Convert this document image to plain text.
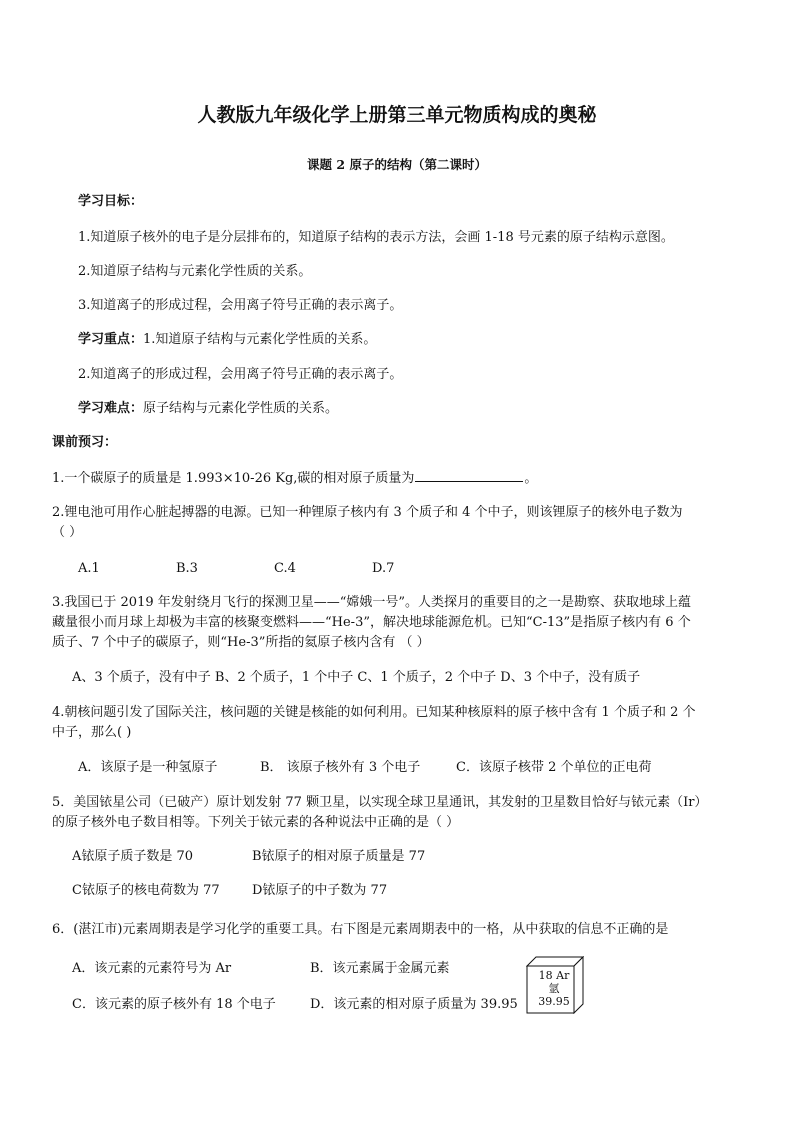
人教版九年级化学上册第三单元物质构成的奥秘
课题 2 原子的结构（第二课时）
学习目标：
1.知道原子核外的电子是分层排布的，知道原子结构的表示方法，会画 1-18 号元素的原子结构示意图。
2.知道原子结构与元素化学性质的关系。
3.知道离子的形成过程，会用离子符号正确的表示离子。
学习重点：1.知道原子结构与元素化学性质的关系。
2.知道离子的形成过程，会用离子符号正确的表示离子。
学习难点：原子结构与元素化学性质的关系。
课前预习：
1.一个碳原子的质量是 1.993×10-26 Kg,碳的相对原子质量为	。
2.锂电池可用作心脏起搏器的电源。已知一种锂原子核内有 3 个质子和 4 个中子，则该锂原子的核外电子数为
（ ）
A.1	B.3	C.4	D.7
3.我国已于 2019 年发射绕月飞行的探测卫星——“嫦娥一号”。人类探月的重要目的之一是勘察、获取地球上蕴
藏量很小而月球上却极为丰富的核聚变燃料——“He-3”，解决地球能源危机。已知“C-13”是指原子核内有 6 个
质子、7 个中子的碳原子，则“He-3”所指的氦原子核内含有 （ ）
A、3 个质子，没有中子 B、2 个质子，1 个中子 C、1 个质子，2 个中子 D、3 个中子，没有质子
4.朝核问题引发了国际关注，核问题的关键是核能的如何利用。已知某种核原料的原子核中含有 1 个质子和 2 个
中子，那么( )
A．该原子是一种氢原子	B． 该原子核外有 3 个电子	C．该原子核带 2 个单位的正电荷
5．美国铱星公司（已破产）原计划发射 77 颗卫星，以实现全球卫星通讯，其发射的卫星数目恰好与铱元素（Ir）
的原子核外电子数目相等。下列关于铱元素的各种说法中正确的是（ ）
A铱原子质子数是 70	B铱原子的相对原子质量是 77
C铱原子的核电荷数为 77 D铱原子的中子数为 77
6．(湛江市)元素周期表是学习化学的重要工具。右下图是元素周期表中的一格，从中获取的信息不正确的是
A．该元素的元素符号为 Ar	B．该元素属于金属元素
C．该元素的原子核外有 18 个电子	D．该元素的相对原子质量为 39.95
18 Ar
氩
39.95
